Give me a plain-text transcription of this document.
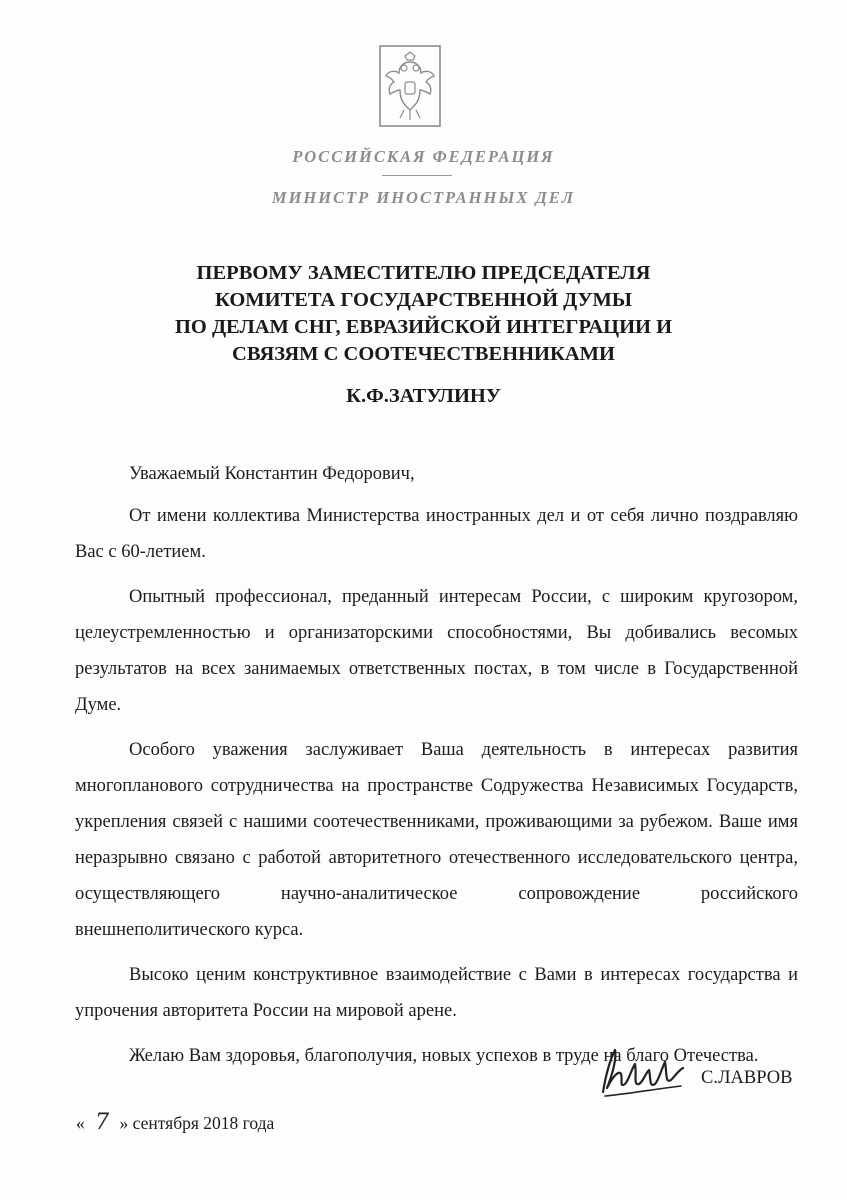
РОССИЙСКАЯ ФЕДЕРАЦИЯ
МИНИСТР ИНОСТРАННЫХ ДЕЛ
ПЕРВОМУ ЗАМЕСТИТЕЛЮ ПРЕДСЕДАТЕЛЯ
КОМИТЕТА ГОСУДАРСТВЕННОЙ ДУМЫ
ПО ДЕЛАМ СНГ, ЕВРАЗИЙСКОЙ ИНТЕГРАЦИИ И
СВЯЗЯМ С СООТЕЧЕСТВЕННИКАМИ
К.Ф.ЗАТУЛИНУ

Уважаемый Константин Федорович,

От имени коллектива Министерства иностранных дел и от себя лично поздравляю Вас с 60-летием.

Опытный профессионал, преданный интересам России, с широким кругозором, целеустремленностью и организаторскими способностями, Вы добивались весомых результатов на всех занимаемых ответственных постах, в том числе в Государственной Думе.

Особого уважения заслуживает Ваша деятельность в интересах развития многопланового сотрудничества на пространстве Содружества Независимых Государств, укрепления связей с нашими соотечественниками, проживающими за рубежом. Ваше имя неразрывно связано с работой авторитетного отечественного исследовательского центра, осуществляющего научно-аналитическое сопровождение российского внешнеполитического курса.

Высоко ценим конструктивное взаимодействие с Вами в интересах государства и упрочения авторитета России на мировой арене.

Желаю Вам здоровья, благополучия, новых успехов в труде на благо Отечества.

С.ЛАВРОВ
« 7 » сентября 2018 года
